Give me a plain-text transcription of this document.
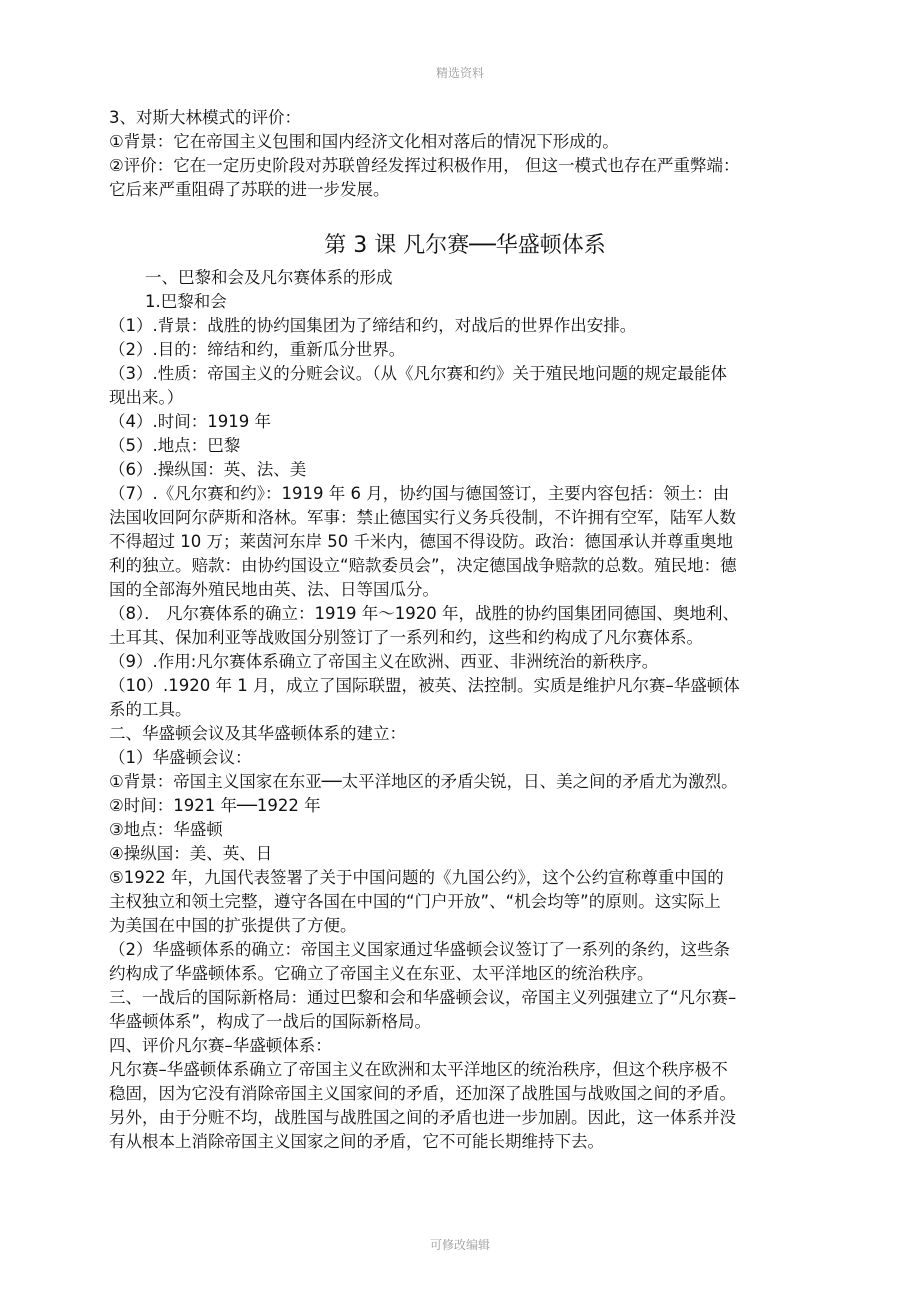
精选资料
3、对斯大林模式的评价：
①背景：它在帝国主义包围和国内经济文化相对落后的情况下形成的。
②评价：它在一定历史阶段对苏联曾经发挥过积极作用， 但这一模式也存在严重弊端：
它后来严重阻碍了苏联的进一步发展。
第 3 课 凡尔赛──华盛顿体系
一、巴黎和会及凡尔赛体系的形成
1.巴黎和会
（1）.背景：战胜的协约国集团为了缔结和约，对战后的世界作出安排。
（2）.目的：缔结和约，重新瓜分世界。
（3）.性质：帝国主义的分赃会议。（从《凡尔赛和约》关于殖民地问题的规定最能体
现出来。）
（4）.时间：1919 年
（5）.地点：巴黎
（6）.操纵国：英、法、美
（7）.《凡尔赛和约》：1919 年 6 月，协约国与德国签订，主要内容包括：领土：由
法国收回阿尔萨斯和洛林。军事：禁止德国实行义务兵役制，不许拥有空军，陆军人数
不得超过 10 万；莱茵河东岸 50 千米内，德国不得设防。政治：德国承认并尊重奥地
利的独立。赔款：由协约国设立“赔款委员会”，决定德国战争赔款的总数。殖民地：德
国的全部海外殖民地由英、法、日等国瓜分。
（8）． 凡尔赛体系的确立：1919 年～1920 年，战胜的协约国集团同德国、奥地利、
土耳其、保加利亚等战败国分别签订了一系列和约，这些和约构成了凡尔赛体系。
（9）.作用:凡尔赛体系确立了帝国主义在欧洲、西亚、非洲统治的新秩序。
（10）.1920 年 1 月，成立了国际联盟，被英、法控制。实质是维护凡尔赛–华盛顿体
系的工具。
二、华盛顿会议及其华盛顿体系的建立：
（1）华盛顿会议：
①背景：帝国主义国家在东亚──太平洋地区的矛盾尖锐，日、美之间的矛盾尤为激烈。
②时间：1921 年──1922 年
③地点：华盛顿
④操纵国：美、英、日
⑤1922 年，九国代表签署了关于中国问题的《九国公约》，这个公约宣称尊重中国的
主权独立和领土完整，遵守各国在中国的“门户开放”、“机会均等”的原则。这实际上
为美国在中国的扩张提供了方便。
（2）华盛顿体系的确立：帝国主义国家通过华盛顿会议签订了一系列的条约，这些条
约构成了华盛顿体系。它确立了帝国主义在东亚、太平洋地区的统治秩序。
三、一战后的国际新格局：通过巴黎和会和华盛顿会议，帝国主义列强建立了“凡尔赛–
华盛顿体系”，构成了一战后的国际新格局。
四、评价凡尔赛–华盛顿体系：
凡尔赛–华盛顿体系确立了帝国主义在欧洲和太平洋地区的统治秩序，但这个秩序极不
稳固，因为它没有消除帝国主义国家间的矛盾，还加深了战胜国与战败国之间的矛盾。
另外，由于分赃不均，战胜国与战胜国之间的矛盾也进一步加剧。因此，这一体系并没
有从根本上消除帝国主义国家之间的矛盾，它不可能长期维持下去。
可修改编辑
